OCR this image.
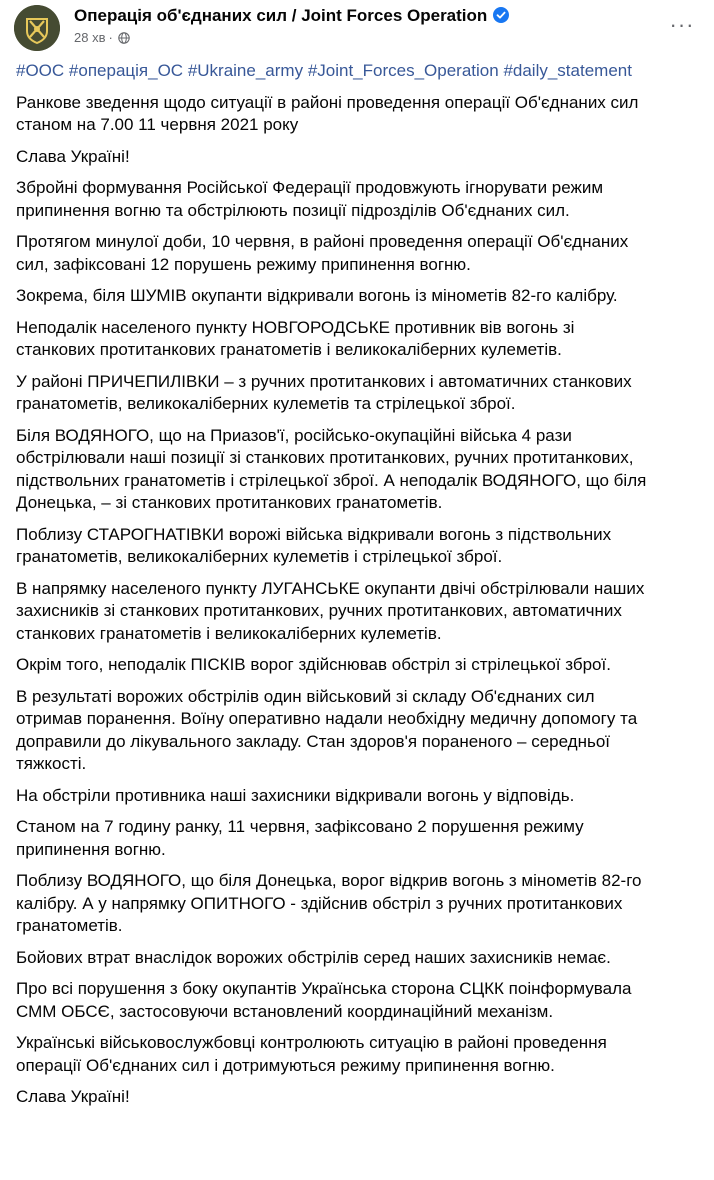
Операція об'єднаних сил / Joint Forces Operation
28 хв ·
···

#ООС #операція_ОС #Ukraine_army #Joint_Forces_Operation #daily_statement

Ранкове зведення щодо ситуації в районі проведення операції Об'єднаних сил
станом на 7.00 11 червня 2021 року

Слава Україні!

Збройні формування Російської Федерації продовжують ігнорувати режим
припинення вогню та обстрілюють позиції підрозділів Об'єднаних сил.

Протягом минулої доби, 10 червня, в районі проведення операції Об'єднаних
сил, зафіксовані 12 порушень режиму припинення вогню.

Зокрема, біля ШУМІВ окупанти відкривали вогонь із мінометів 82-го калібру.

Неподалік населеного пункту НОВГОРОДСЬКЕ противник вів вогонь зі
станкових протитанкових гранатометів і великокаліберних кулеметів.

У районі ПРИЧЕПИЛІВКИ – з ручних протитанкових і автоматичних станкових
гранатометів, великокаліберних кулеметів та стрілецької зброї.

Біля ВОДЯНОГО, що на Приазов'ї, російсько-окупаційні війська 4 рази
обстрілювали наші позиції зі станкових протитанкових, ручних протитанкових,
підствольних гранатометів і стрілецької зброї. А неподалік ВОДЯНОГО, що біля
Донецька, – зі станкових протитанкових гранатометів.

Поблизу СТАРОГНАТІВКИ ворожі війська відкривали вогонь з підствольних
гранатометів, великокаліберних кулеметів і стрілецької зброї.

В напрямку населеного пункту ЛУГАНСЬКЕ окупанти двічі обстрілювали наших
захисників зі станкових протитанкових, ручних протитанкових, автоматичних
станкових гранатометів і великокаліберних кулеметів.

Окрім того, неподалік ПІСКІВ ворог здійснював обстріл зі стрілецької зброї.

В результаті ворожих обстрілів один військовий зі складу Об'єднаних сил
отримав поранення. Воїну оперативно надали необхідну медичну допомогу та
доправили до лікувального закладу. Стан здоров'я пораненого – середньої
тяжкості.

На обстріли противника наші захисники відкривали вогонь у відповідь.

Станом на 7 годину ранку, 11 червня, зафіксовано 2 порушення режиму
припинення вогню.

Поблизу ВОДЯНОГО, що біля Донецька, ворог відкрив вогонь з мінометів 82-го
калібру. А у напрямку ОПИТНОГО - здійснив обстріл з ручних протитанкових
гранатометів.

Бойових втрат внаслідок ворожих обстрілів серед наших захисників немає.

Про всі порушення з боку окупантів Українська сторона СЦКК поінформувала
СММ ОБСЄ, застосовуючи встановлений координаційний механізм.

Українські військовослужбовці контролюють ситуацію в районі проведення
операції Об'єднаних сил і дотримуються режиму припинення вогню.

Слава Україні!
